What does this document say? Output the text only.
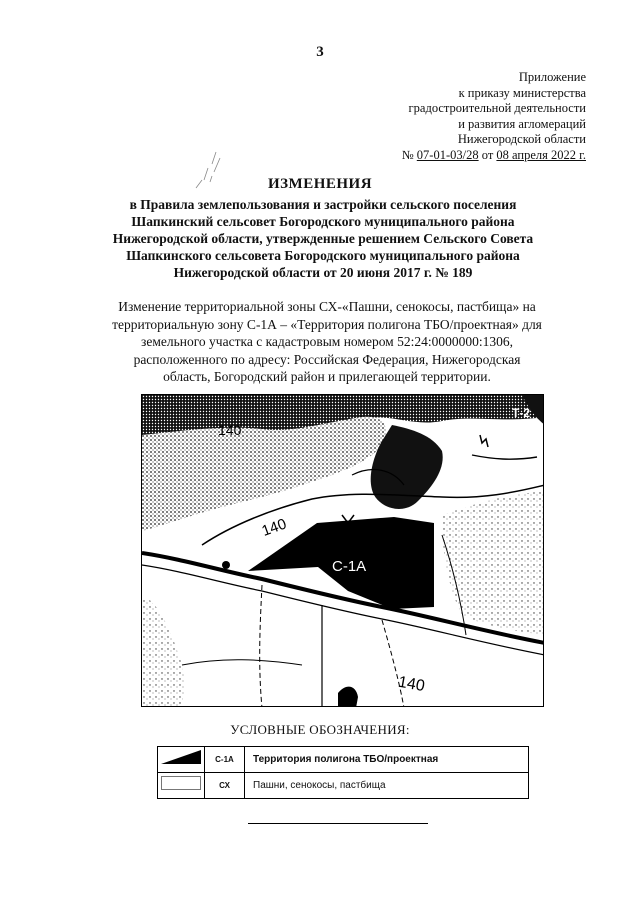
3
Приложение
к приказу министерства
градостроительной деятельности
и развития агломераций
Нижегородской области
№ 07-01-03/28 от 08 апреля 2022 г.
ИЗМЕНЕНИЯ
в Правила землепользования и застройки сельского поселения Шапкинский сельсовет Богородского муниципального района Нижегородской области, утвержденные решением Сельского Совета Шапкинского сельсовета Богородского муниципального района Нижегородской области от 20 июня 2017 г. № 189
Изменение территориальной зоны СХ-«Пашни, сенокосы, пастбища» на территориальную зону С-1А – «Территория полигона ТБО/проектная» для земельного участка с кадастровым номером 52:24:0000000:1306, расположенного по адресу: Российская Федерация, Нижегородская область, Богородский район и прилегающей территории.
140
140
140
Т-2
С-1А
УСЛОВНЫЕ ОБОЗНАЧЕНИЯ:
	С-1А	Территория полигона ТБО/проектная
	СХ	Пашни, сенокосы, пастбища
